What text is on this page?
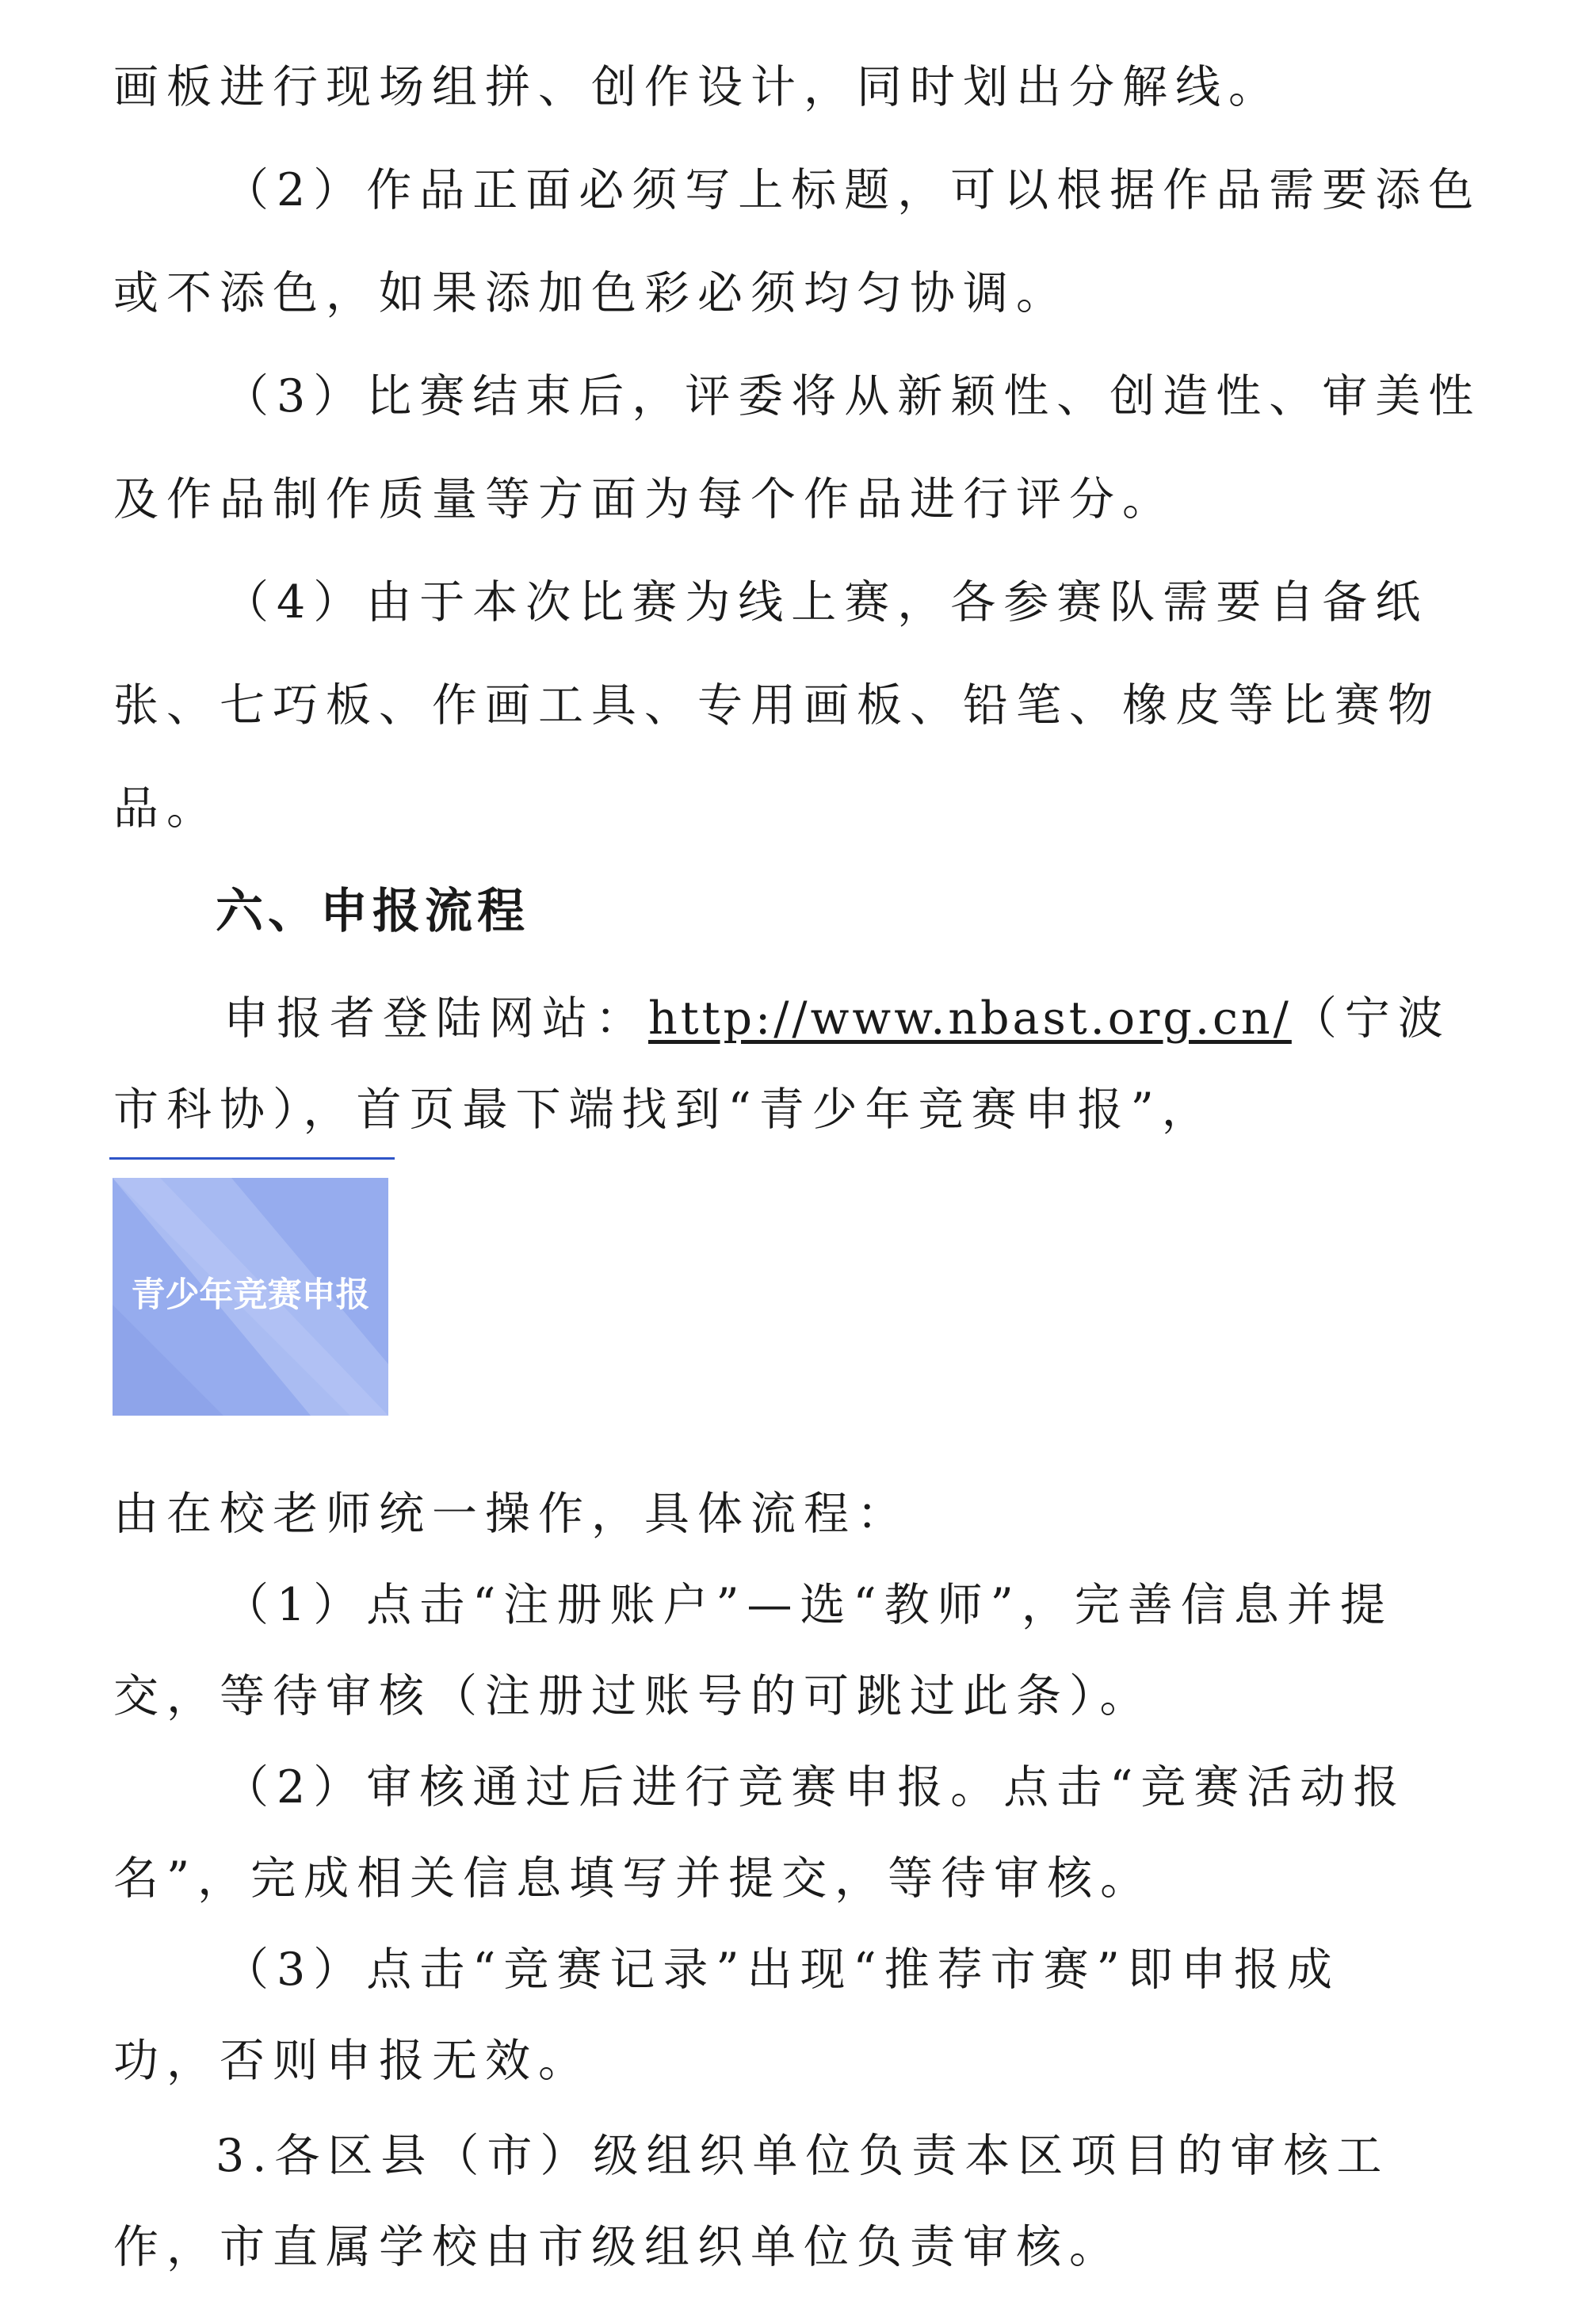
画板进行现场组拼、创作设计，同时划出分解线。
（2）作品正面必须写上标题，可以根据作品需要添色
或不添色，如果添加色彩必须均匀协调。
（3）比赛结束后，评委将从新颖性、创造性、审美性
及作品制作质量等方面为每个作品进行评分。
（4）由于本次比赛为线上赛，各参赛队需要自备纸
张、七巧板、作画工具、专用画板、铅笔、橡皮等比赛物
品。
六、申报流程
申报者登陆网站：http://www.nbast.org.cn/（宁波
市科协），首页最下端找到“青少年竞赛申报”，
青少年竞赛申报
由在校老师统一操作，具体流程：
（1）点击“注册账户”—选“教师”，完善信息并提
交，等待审核（注册过账号的可跳过此条）。
（2）审核通过后进行竞赛申报。点击“竞赛活动报
名”，完成相关信息填写并提交，等待审核。
（3）点击“竞赛记录”出现“推荐市赛”即申报成
功，否则申报无效。
3.各区县（市）级组织单位负责本区项目的审核工
作，市直属学校由市级组织单位负责审核。
